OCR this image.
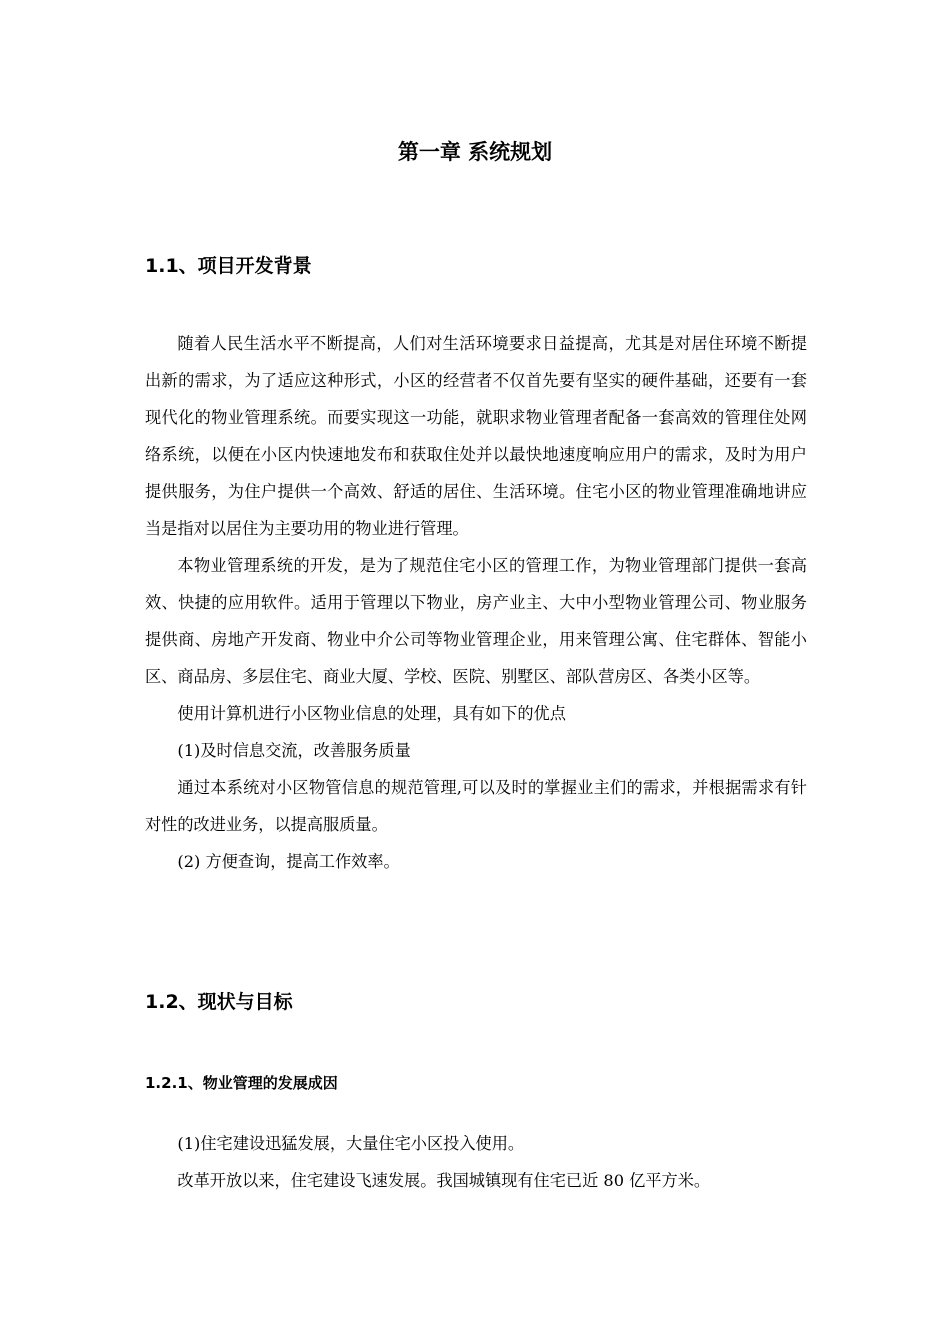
第一章 系统规划
1.1、项目开发背景

随着人民生活水平不断提高，人们对生活环境要求日益提高，尤其是对居住环境不断提出新的需求，为了适应这种形式，小区的经营者不仅首先要有坚实的硬件基础，还要有一套现代化的物业管理系统。而要实现这一功能，就职求物业管理者配备一套高效的管理住处网络系统，以便在小区内快速地发布和获取住处并以最快地速度响应用户的需求，及时为用户提供服务，为住户提供一个高效、舒适的居住、生活环境。住宅小区的物业管理准确地讲应当是指对以居住为主要功用的物业进行管理。

本物业管理系统的开发，是为了规范住宅小区的管理工作，为物业管理部门提供一套高效、快捷的应用软件。适用于管理以下物业，房产业主、大中小型物业管理公司、物业服务提供商、房地产开发商、物业中介公司等物业管理企业，用来管理公寓、住宅群体、智能小区、商品房、多层住宅、商业大厦、学校、医院、别墅区、部队营房区、各类小区等。

使用计算机进行小区物业信息的处理，具有如下的优点

(1)及时信息交流，改善服务质量

通过本系统对小区物管信息的规范管理,可以及时的掌握业主们的需求，并根据需求有针对性的改进业务，以提高服质量。

(2) 方便查询，提高工作效率。

1.2、现状与目标
1.2.1、物业管理的发展成因

(1)住宅建设迅猛发展，大量住宅小区投入使用。

改革开放以来，住宅建设飞速发展。我国城镇现有住宅已近 80 亿平方米。
